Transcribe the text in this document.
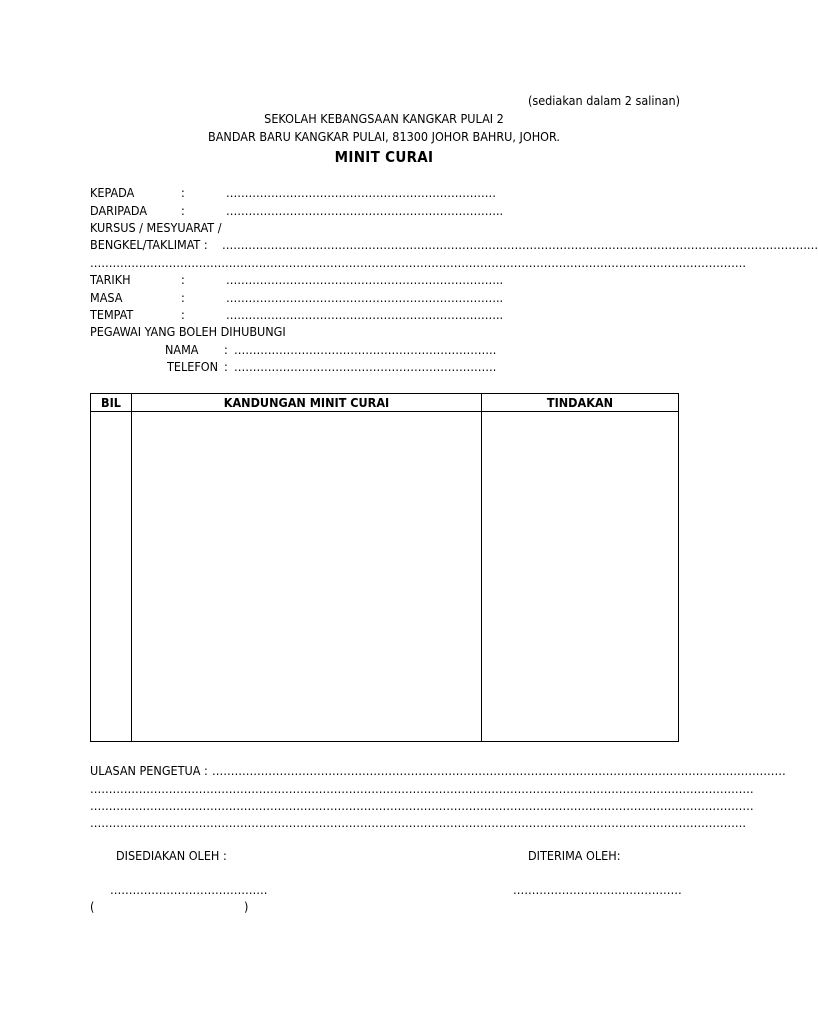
(sediakan dalam 2 salinan)
SEKOLAH KEBANGSAAN KANGKAR PULAI 2
BANDAR BARU KANGKAR PULAI, 81300 JOHOR BAHRU, JOHOR.
MINIT CURAI
KEPADA	:	………………………………………………………………
DARIPADA	:	………………………………………………………………..
KURSUS / MESYUARAT /
BENGKEL/TAKLIMAT : ……………………………………………………………………………………………………………………………………………
………………………………………………………………………………………………………………………………………………………….
TARIKH	:	………………………………………………………………..
MASA	:	………………………………………………………………..
TEMPAT	:	………………………………………………………………..
PEGAWAI YANG BOLEH DIHUBUNGI
NAMA : …………………………………………………………….
TELEFON : …………………………………………………………….
BIL	KANDUNGAN MINIT CURAI	TINDAKAN
ULASAN PENGETUA : ………………………………………………………………………………………………………………………………………
……………………………………………………………………………………………………………………………………………………………
……………………………………………………………………………………………………………………………………………………………
………………………………………………………………………………………………………………………………………………………….
DISEDIAKAN OLEH :	DITERIMA OLEH:
……………………………………	………………………………………
(	)
